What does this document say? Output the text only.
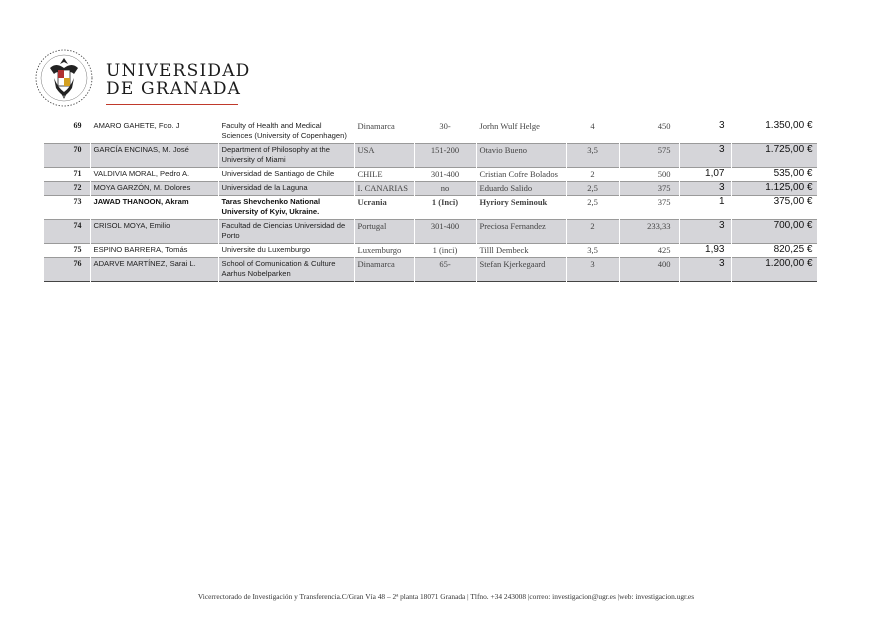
UNIVERSIDAD
DE GRANADA
69	AMARO GAHETE, Fco. J	Faculty of Health and Medical Sciences (University of Copenhagen)	Dinamarca	30-	Jorhn Wulf Helge	4	450	3	1.350,00 €
70	GARCÍA ENCINAS, M. José	Department of Philosophy at the University of Miami	USA	151-200	Otavio Bueno	3,5	575	3	1.725,00 €
71	VALDIVIA MORAL, Pedro A.	Universidad de Santiago de Chile	CHILE	301-400	Cristian Cofre Bolados	2	500	1,07	535,00 €
72	MOYA GARZÓN, M. Dolores	Universidad de la Laguna	I. CANARIAS	no	Eduardo Salido	2,5	375	3	1.125,00 €
73	JAWAD THANOON, Akram	Taras Shevchenko National University of Kyiv, Ukraine.	Ucrania	1 (Inci)	Hyriory Seminouk	2,5	375	1	375,00 €
74	CRISOL MOYA, Emilio	Facultad de Ciencias Universidad de Porto	Portugal	301-400	Preciosa Fernandez	2	233,33	3	700,00 €
75	ESPINO BARRERA, Tomás	Universite du Luxemburgo	Luxemburgo	1 (inci)	Tilll Dembeck	3,5	425	1,93	820,25 €
76	ADARVE MARTÍNEZ, Sarai L.	School of Comunication & Culture Aarhus Nobelparken	Dinamarca	65-	Stefan Kjerkegaard	3	400	3	1.200,00 €
Vicerrectorado de Investigación y Transferencia.C/Gran Vía 48 – 2ª planta 18071 Granada | Tlfno. +34 243008 |correo: investigacion@ugr.es |web: investigacion.ugr.es
